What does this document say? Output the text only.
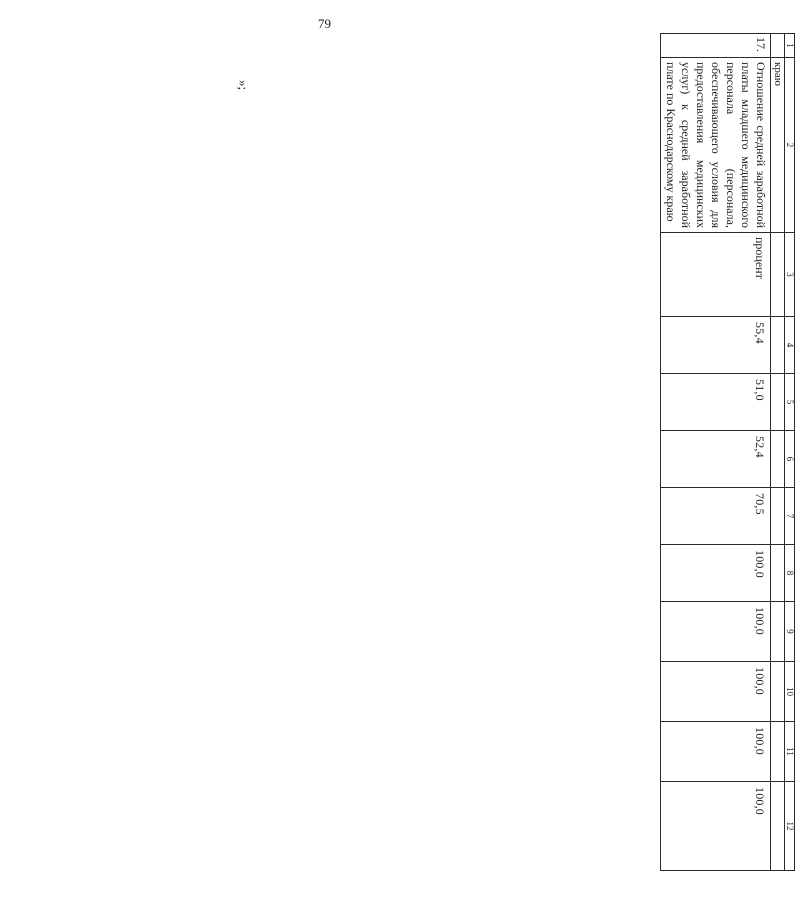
79
»;
1	2	3	4	5	6	7	8	9	10	11	12
	краю										
17.	Отношение средней заработной платы младшего медицинского персонала (персонала, обеспечивающего условия для предоставления медицинских услуг) к средней заработной плате по Краснодарскому краю	процент	55,4	51,0	52,4	70,5	100,0	100,0	100,0	100,0	100,0
